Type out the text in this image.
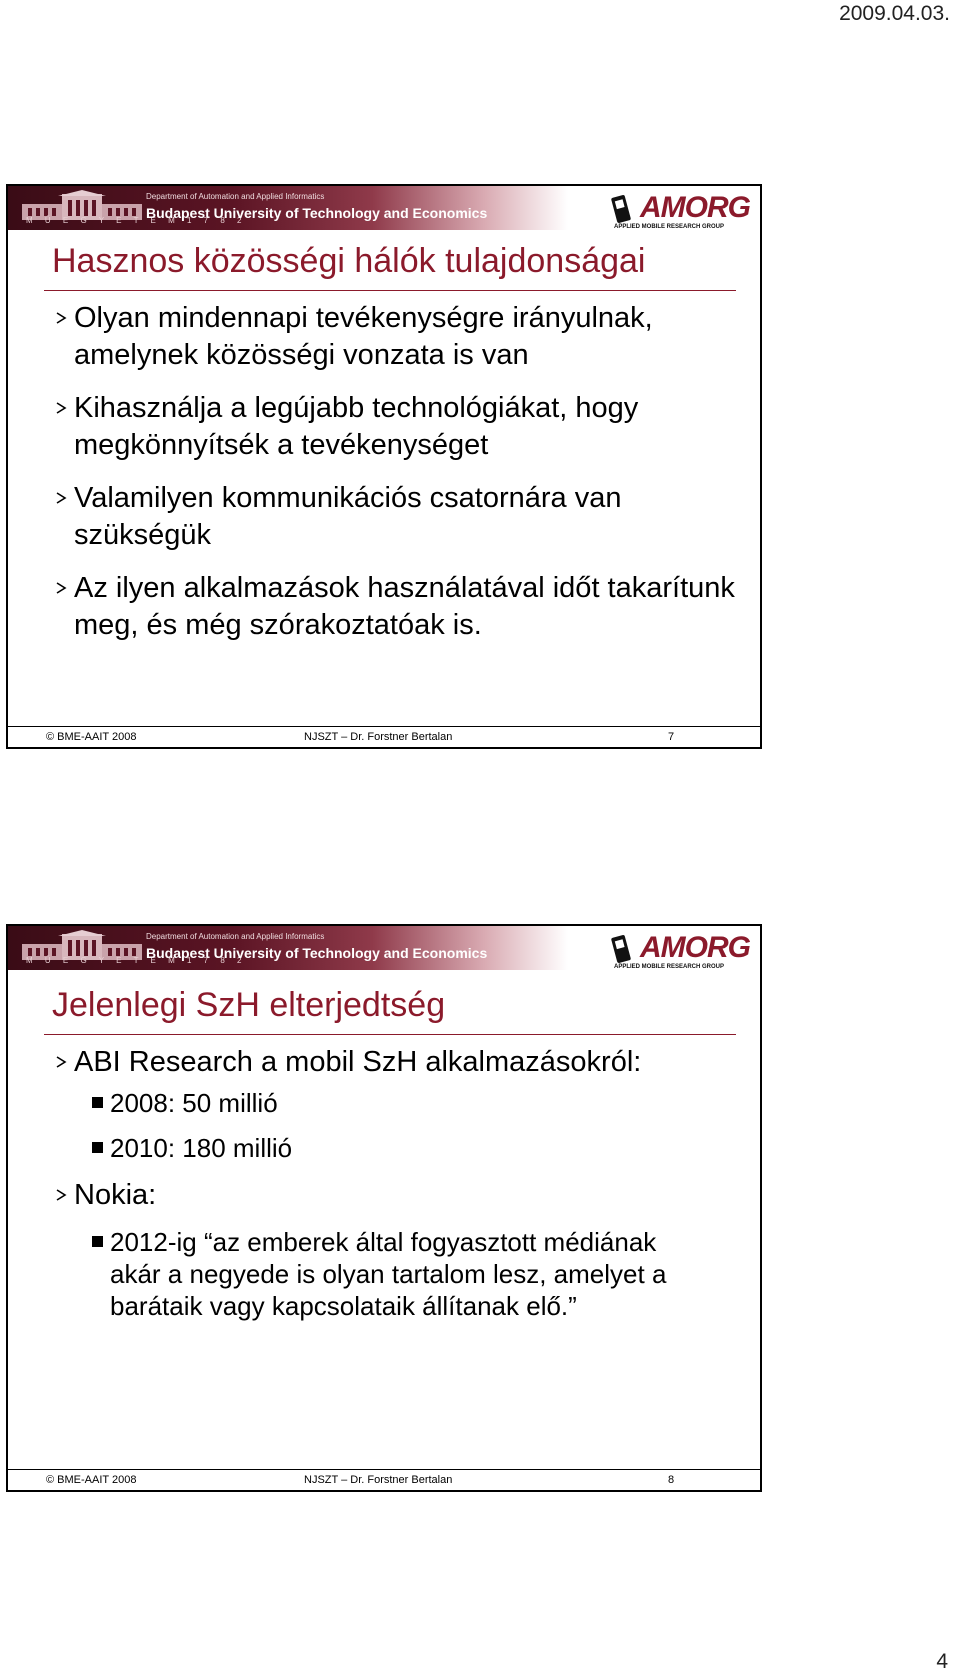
2009.04.03.
M Ű E G Y E T E M 1 7 8 2
Department of Automation and Applied Informatics
Budapest University of Technology and Economics	AMORG
APPLIED MOBILE RESEARCH GROUP
Hasznos közösségi hálók tulajdonságai
Olyan mindennapi tevékenységre irányulnak, amelynek közösségi vonzata is van
Kihasználja a legújabb technológiákat, hogy megkönnyítsék a tevékenységet
Valamilyen kommunikációs csatornára van szükségük
Az ilyen alkalmazások használatával időt takarítunk meg, és még szórakoztatóak is.
© BME-AAIT 2008	NJSZT – Dr. Forstner Bertalan	7
M Ű E G Y E T E M 1 7 8 2
Department of Automation and Applied Informatics
Budapest University of Technology and Economics	AMORG
APPLIED MOBILE RESEARCH GROUP
Jelenlegi SzH elterjedtség
ABI Research a mobil SzH alkalmazásokról:
2008: 50 millió
2010: 180 millió
Nokia:
2012-ig “az emberek által fogyasztott médiának akár a negyede is olyan tartalom lesz, amelyet a barátaik vagy kapcsolataik állítanak elő.”
© BME-AAIT 2008	NJSZT – Dr. Forstner Bertalan	8
4
